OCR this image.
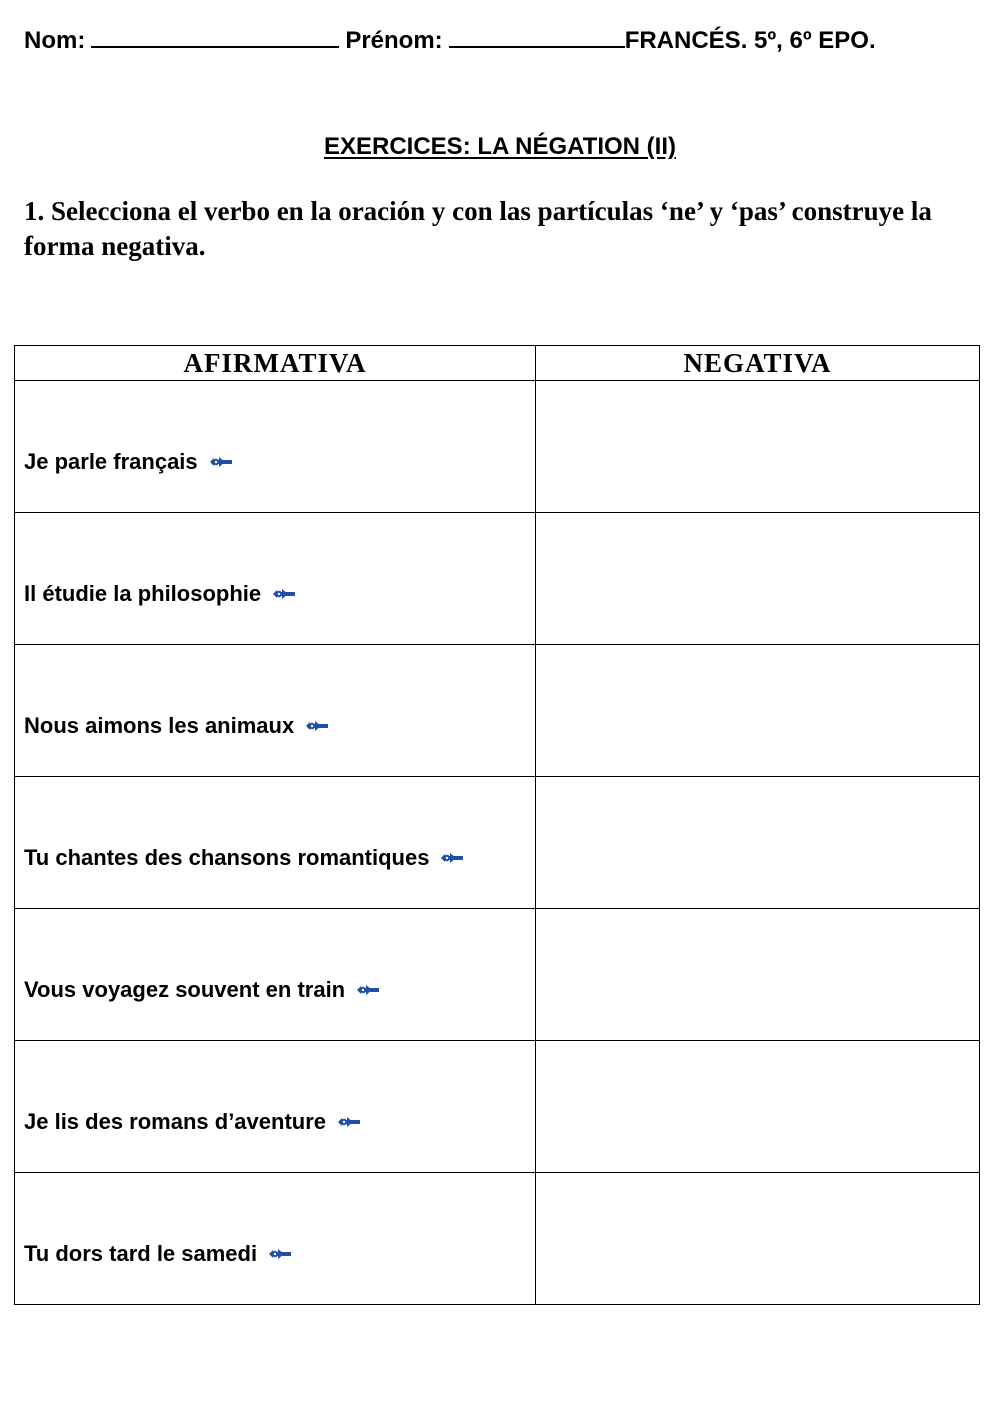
Nom:	Prénom:	FRANCÉS. 5º, 6º EPO.
EXERCICES: LA NÉGATION (II)
1. Selecciona el verbo en la oración y con las partículas ‘ne’ y ‘pas’ construye la forma negativa.
AFIRMATIVA	NEGATIVA

Je parle français	

Il étudie la philosophie	

Nous aimons les animaux	

Tu chantes des chansons romantiques	

Vous voyagez souvent en train	

Je lis des romans d’aventure	

Tu dors tard le samedi	
